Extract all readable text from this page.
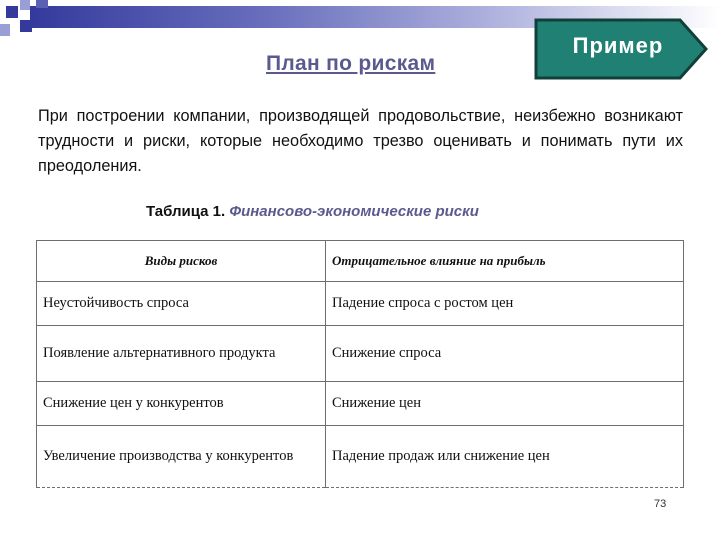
План по рискам
Пример

При построении компании, производящей продовольствие, неизбежно возникают трудности и риски, которые необходимо трезво оценивать и понимать пути их преодоления.

Таблица 1. Финансово-экономические риски
Виды рисков	Отрицательное влияние на прибыль
Неустойчивость спроса	Падение спроса с ростом цен
Появление альтернативного продукта	Снижение спроса
Снижение цен у конкурентов	Снижение цен
Увеличение производства у конкурентов	Падение продаж или снижение цен
73
